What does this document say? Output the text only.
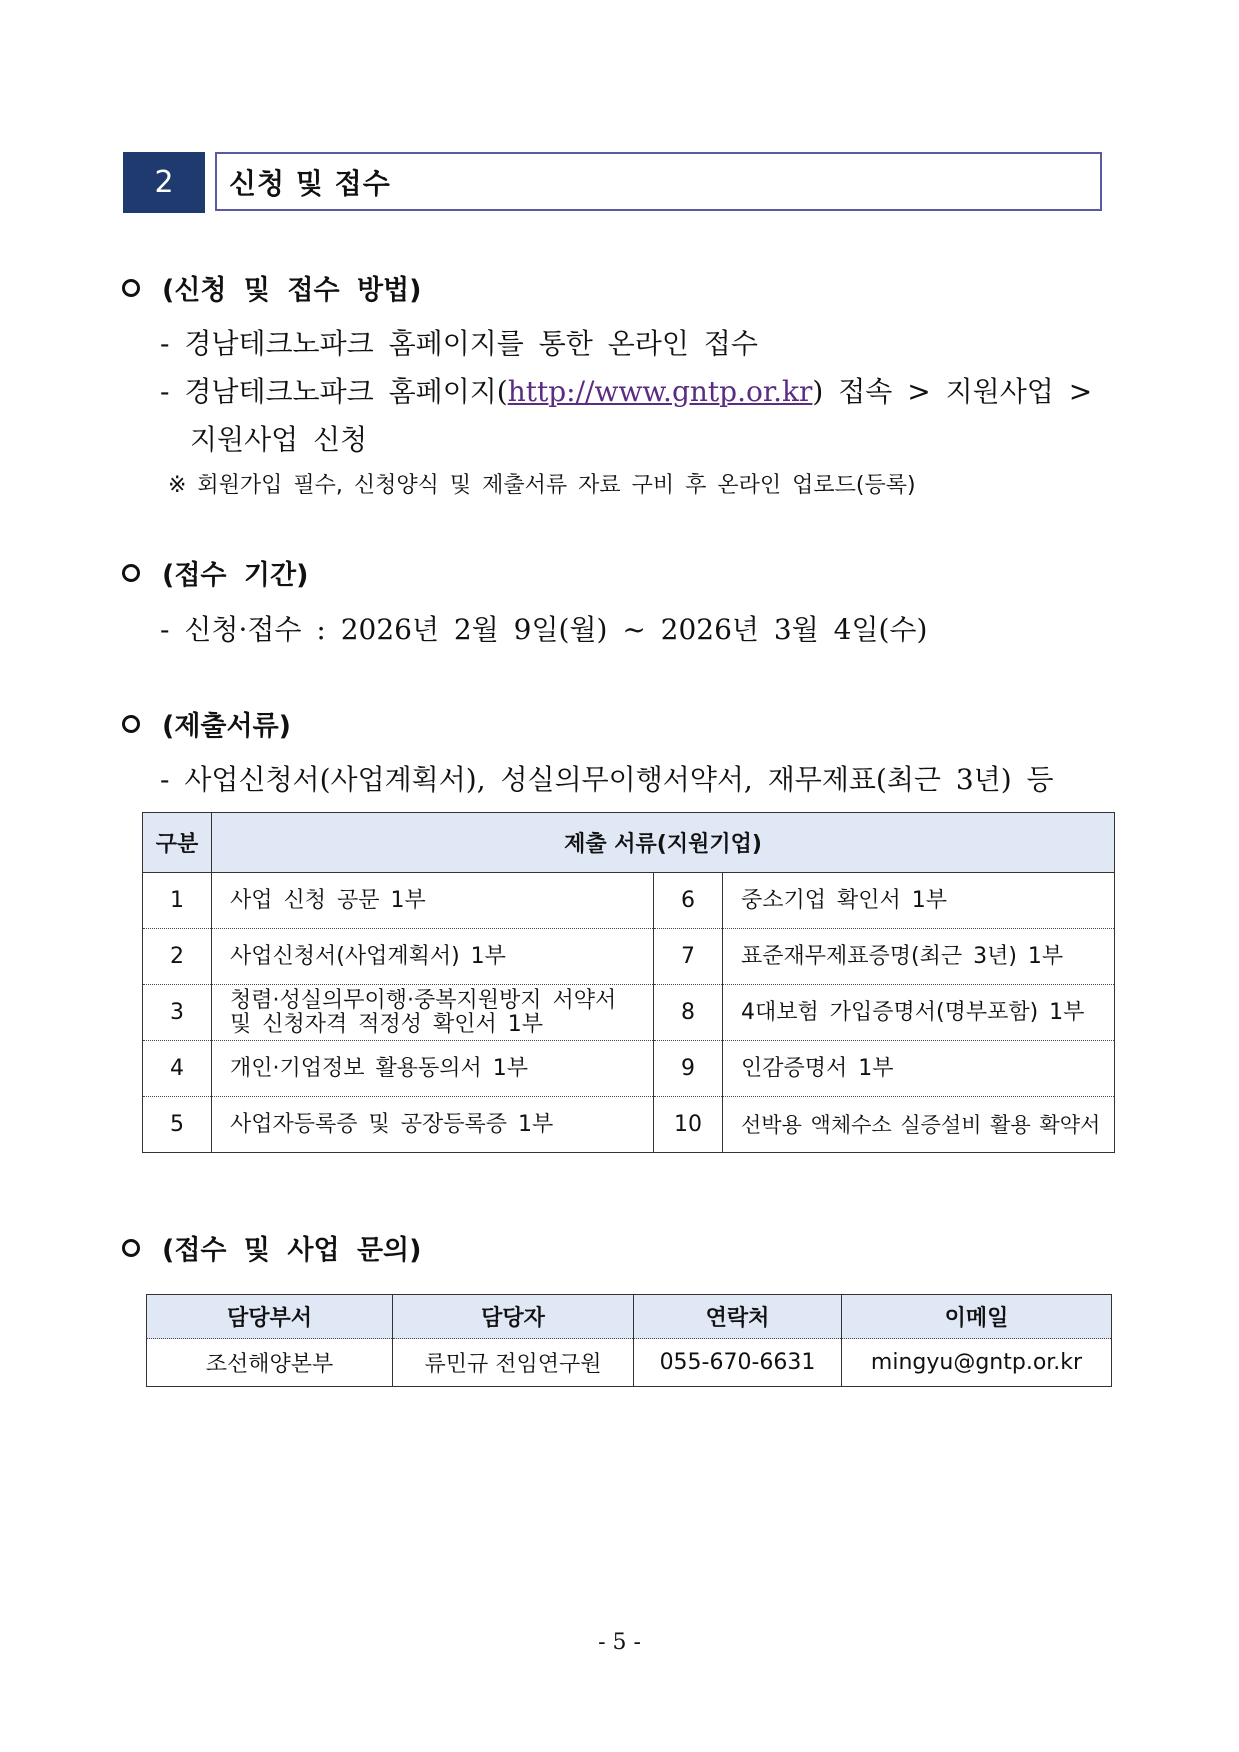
2	신청 및 접수
(신청 및 접수 방법)
- 경남테크노파크 홈페이지를 통한 온라인 접수
- 경남테크노파크 홈페이지(http://www.gntp.or.kr) 접속 > 지원사업 >
지원사업 신청
※ 회원가입 필수, 신청양식 및 제출서류 자료 구비 후 온라인 업로드(등록)
(접수 기간)
- 신청·접수 : 2026년 2월 9일(월) ~ 2026년 3월 4일(수)
(제출서류)
- 사업신청서(사업계획서), 성실의무이행서약서, 재무제표(최근 3년) 등
구분	제출 서류(지원기업)		
1	사업 신청 공문 1부	6	중소기업 확인서 1부
2	사업신청서(사업계획서) 1부	7	표준재무제표증명(최근 3년) 1부
3	청렴·성실의무이행·중복지원방지 서약서 및 신청자격 적정성 확인서 1부	8	4대보험 가입증명서(명부포함) 1부
4	개인·기업정보 활용동의서 1부	9	인감증명서 1부
5	사업자등록증 및 공장등록증 1부	10	선박용 액체수소 실증설비 활용 확약서
(접수 및 사업 문의)
담당부서	담당자	연락처	이메일
조선해양본부	류민규 전임연구원	055-670-6631	mingyu@gntp.or.kr
- 5 -
